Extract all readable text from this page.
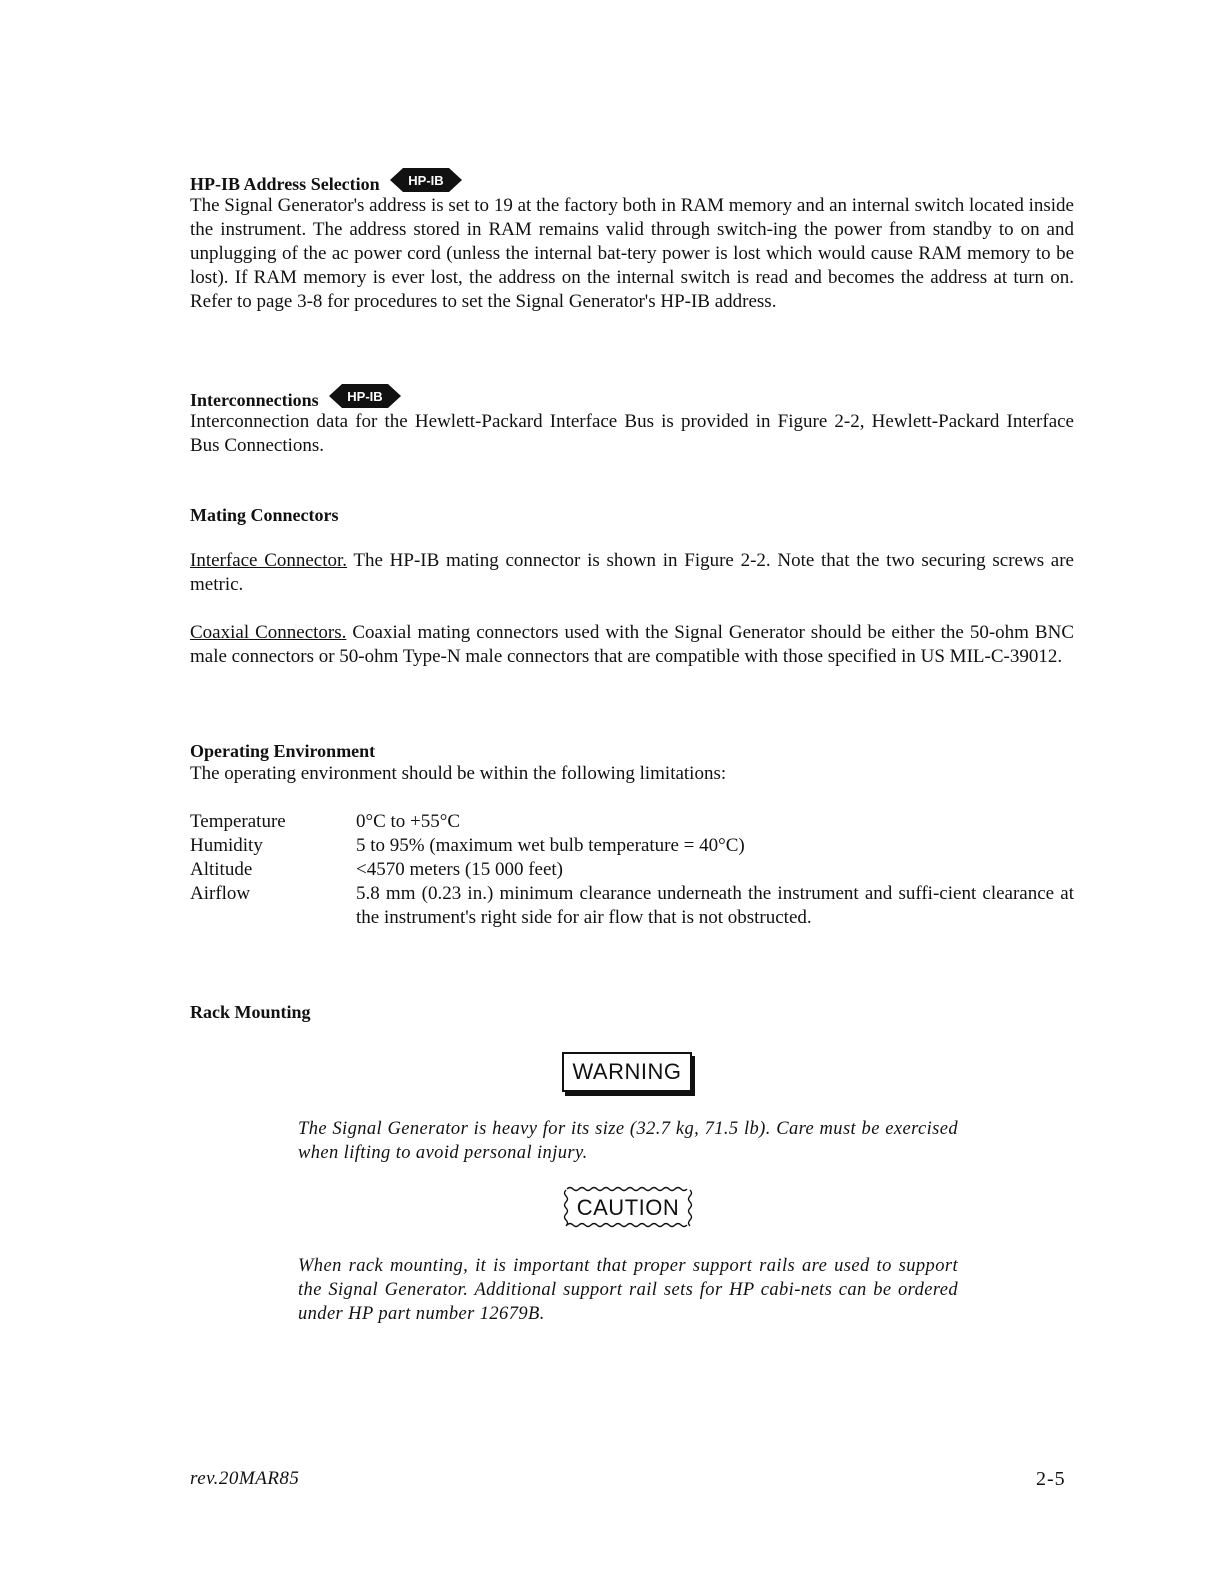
HP-IB Address Selection HP-IB

The Signal Generator's address is set to 19 at the factory both in RAM memory and an internal switch located inside the instrument. The address stored in RAM remains valid through switch-ing the power from standby to on and unplugging of the ac power cord (unless the internal bat-tery power is lost which would cause RAM memory to be lost). If RAM memory is ever lost, the address on the internal switch is read and becomes the address at turn on. Refer to page 3-8 for procedures to set the Signal Generator's HP-IB address.

Interconnections HP-IB

Interconnection data for the Hewlett-Packard Interface Bus is provided in Figure 2-2, Hewlett-Packard Interface Bus Connections.

Mating Connectors

Interface Connector. The HP-IB mating connector is shown in Figure 2-2. Note that the two securing screws are metric.

Coaxial Connectors. Coaxial mating connectors used with the Signal Generator should be either the 50-ohm BNC male connectors or 50-ohm Type-N male connectors that are compatible with those specified in US MIL-C-39012.

Operating Environment

The operating environment should be within the following limitations:

Temperature	0°C to +55°C
Humidity	5 to 95% (maximum wet bulb temperature = 40°C)
Altitude	<4570 meters (15 000 feet)
Airflow	5.8 mm (0.23 in.) minimum clearance underneath the instrument and suffi-cient clearance at the instrument's right side for air flow that is not obstructed.
Rack Mounting
WARNING
The Signal Generator is heavy for its size (32.7 kg, 71.5 lb). Care must be exercised when lifting to avoid personal injury.
CAUTION
When rack mounting, it is important that proper support rails are used to support the Signal Generator. Additional support rail sets for HP cabi-nets can be ordered under HP part number 12679B.
rev.20MAR85	2-5
